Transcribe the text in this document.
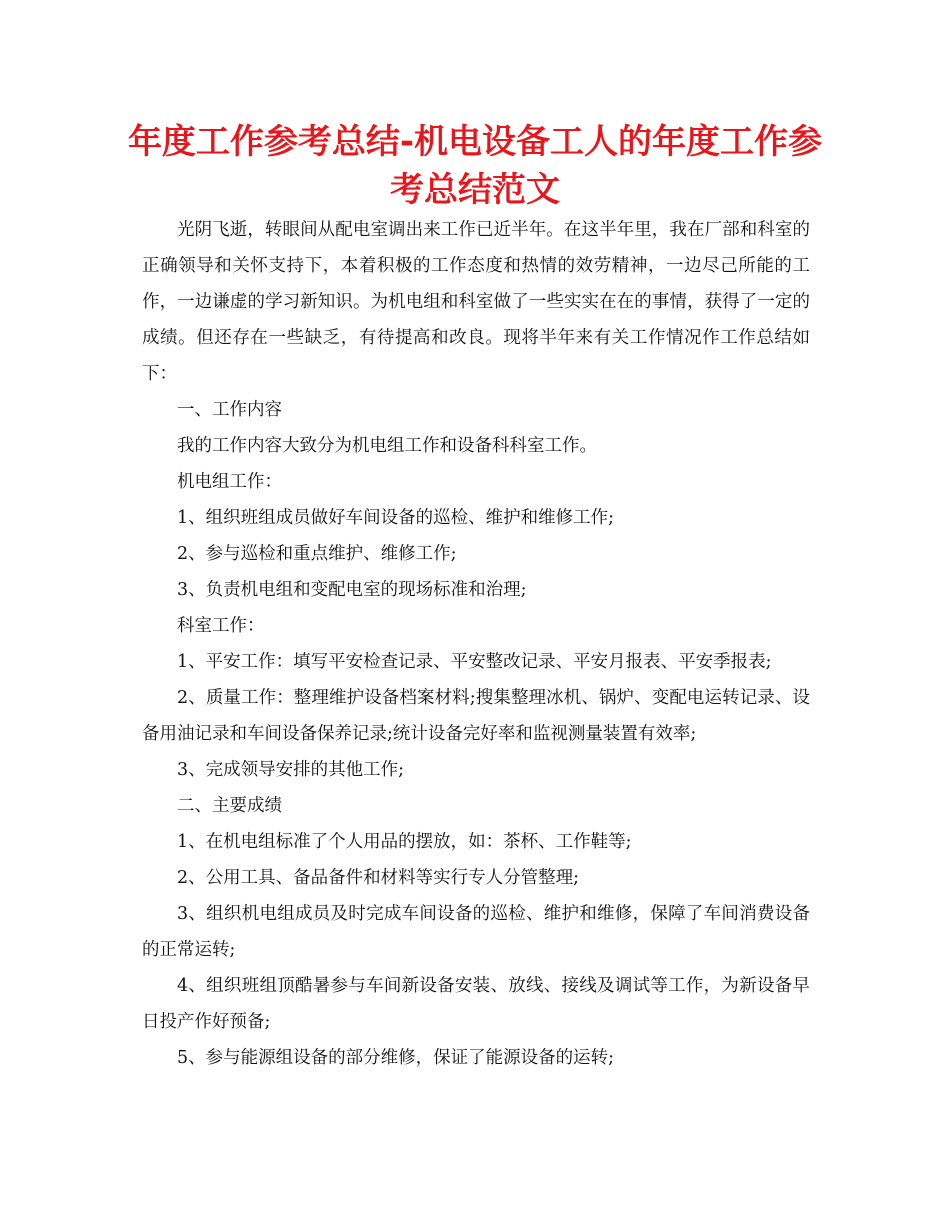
年度工作参考总结-机电设备工人的年度工作参考总结范文

光阴飞逝，转眼间从配电室调出来工作已近半年。在这半年里，我在厂部和科室的正确领导和关怀支持下，本着积极的工作态度和热情的效劳精神，一边尽己所能的工作，一边谦虚的学习新知识。为机电组和科室做了一些实实在在的事情，获得了一定的成绩。但还存在一些缺乏，有待提高和改良。现将半年来有关工作情况作工作总结如下：

一、工作内容

我的工作内容大致分为机电组工作和设备科科室工作。

机电组工作：

1、组织班组成员做好车间设备的巡检、维护和维修工作;

2、参与巡检和重点维护、维修工作;

3、负责机电组和变配电室的现场标准和治理;

科室工作：

1、平安工作：填写平安检查记录、平安整改记录、平安月报表、平安季报表;

2、质量工作：整理维护设备档案材料;搜集整理冰机、锅炉、变配电运转记录、设备用油记录和车间设备保养记录;统计设备完好率和监视测量装置有效率;

3、完成领导安排的其他工作;

二、主要成绩

1、在机电组标准了个人用品的摆放，如：茶杯、工作鞋等;

2、公用工具、备品备件和材料等实行专人分管整理;

3、组织机电组成员及时完成车间设备的巡检、维护和维修，保障了车间消费设备的正常运转;

4、组织班组顶酷暑参与车间新设备安装、放线、接线及调试等工作，为新设备早日投产作好预备;

5、参与能源组设备的部分维修，保证了能源设备的运转;
